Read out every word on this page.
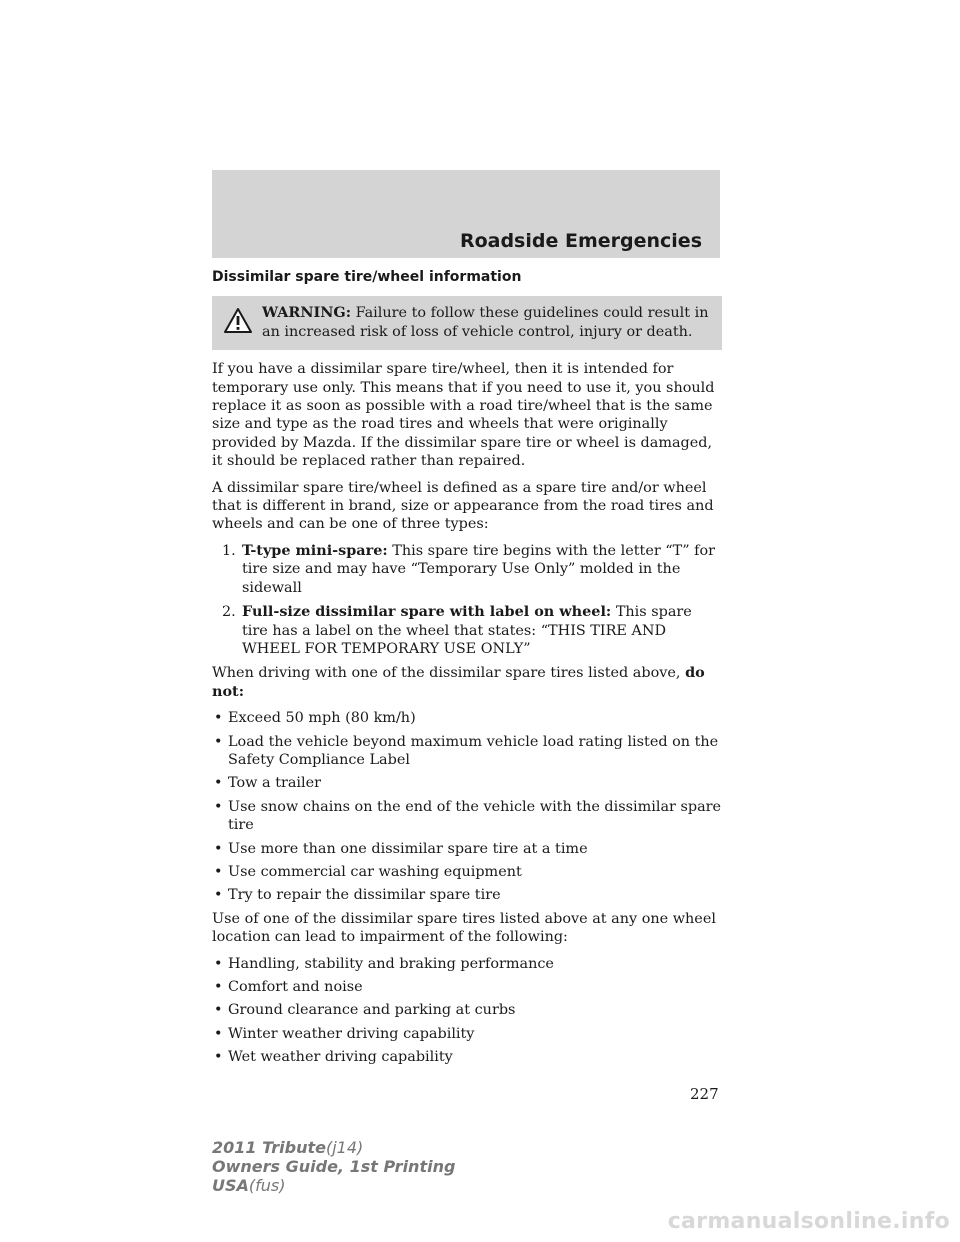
Roadside Emergencies
Dissimilar spare tire/wheel information
WARNING: Failure to follow these guidelines could result in an increased risk of loss of vehicle control, injury or death.

If you have a dissimilar spare tire/wheel, then it is intended for temporary use only. This means that if you need to use it, you should replace it as soon as possible with a road tire/wheel that is the same size and type as the road tires and wheels that were originally provided by Mazda. If the dissimilar spare tire or wheel is damaged, it should be replaced rather than repaired.

A dissimilar spare tire/wheel is defined as a spare tire and/or wheel that is different in brand, size or appearance from the road tires and wheels and can be one of three types:

1. T-type mini-spare: This spare tire begins with the letter “T” for tire size and may have “Temporary Use Only” molded in the sidewall
2. Full-size dissimilar spare with label on wheel: This spare tire has a label on the wheel that states: “THIS TIRE AND WHEEL FOR TEMPORARY USE ONLY”

When driving with one of the dissimilar spare tires listed above, do not:

• Exceed 50 mph (80 km/h)
• Load the vehicle beyond maximum vehicle load rating listed on the Safety Compliance Label
• Tow a trailer
• Use snow chains on the end of the vehicle with the dissimilar spare tire
• Use more than one dissimilar spare tire at a time
• Use commercial car washing equipment
• Try to repair the dissimilar spare tire

Use of one of the dissimilar spare tires listed above at any one wheel location can lead to impairment of the following:

• Handling, stability and braking performance
• Comfort and noise
• Ground clearance and parking at curbs
• Winter weather driving capability
• Wet weather driving capability
227
2011 Tribute(j14)
Owners Guide, 1st Printing
USA(fus)
carmanualsonline.info
